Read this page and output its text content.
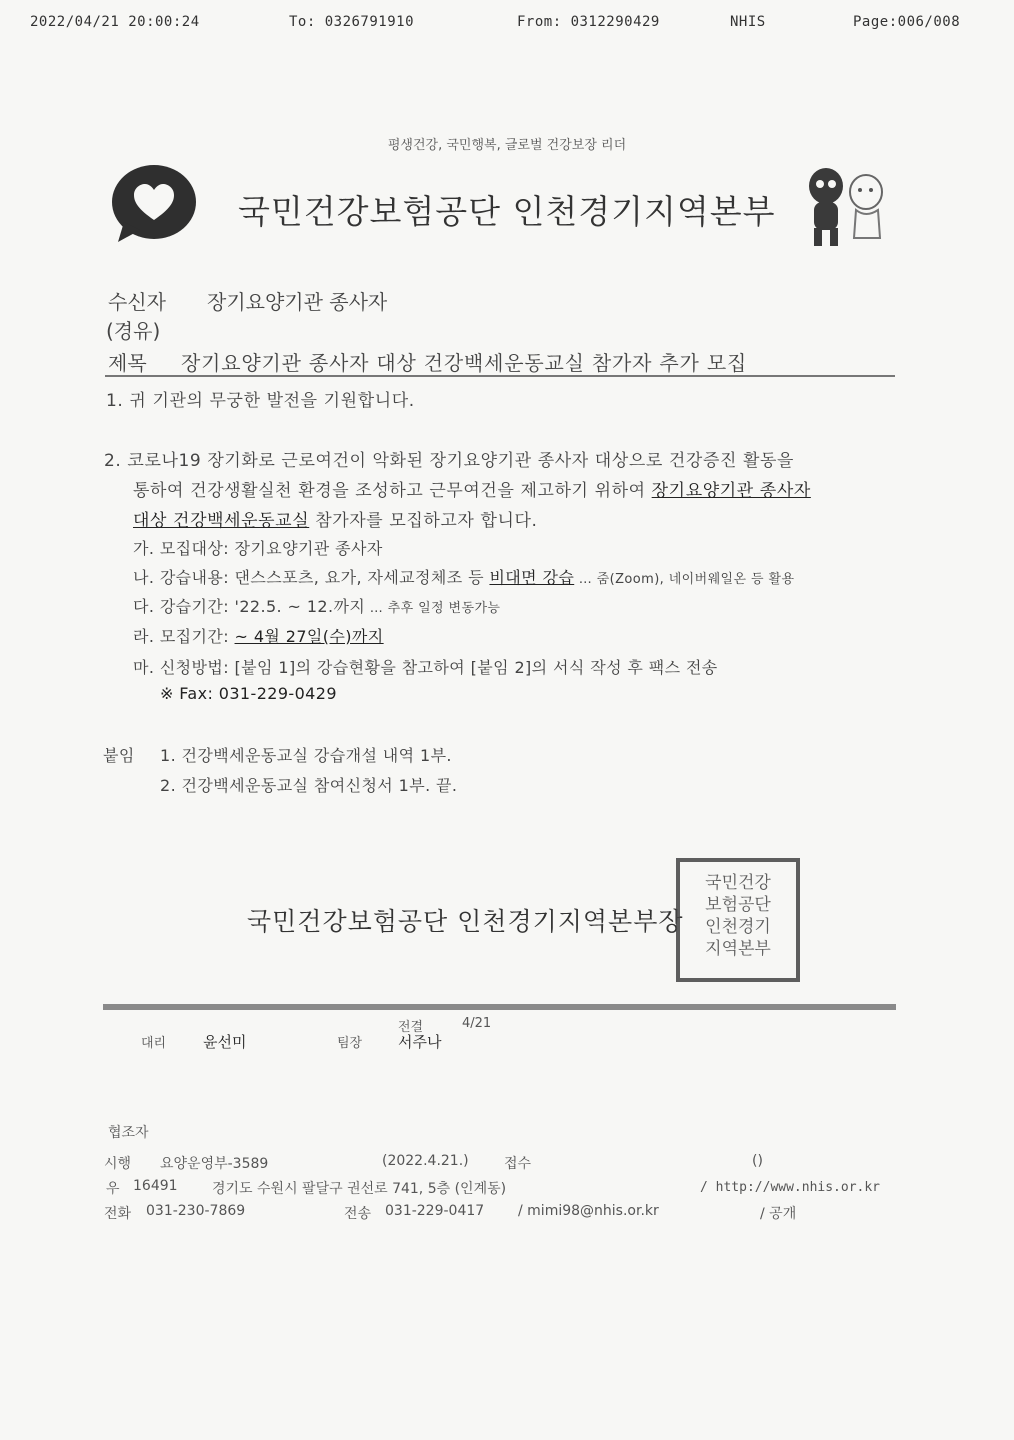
2022/04/21 20:00:24	To: 0326791910	From: 0312290429	NHIS	Page:006/008
평생건강, 국민행복, 글로벌 건강보장 리더
국민건강보험공단 인천경기지역본부
수신자 장기요양기관 종사자
(경유)
제목 장기요양기관 종사자 대상 건강백세운동교실 참가자 추가 모집
1. 귀 기관의 무궁한 발전을 기원합니다.
2. 코로나19 장기화로 근로여건이 악화된 장기요양기관 종사자 대상으로 건강증진 활동을
통하여 건강생활실천 환경을 조성하고 근무여건을 제고하기 위하여 장기요양기관 종사자
대상 건강백세운동교실 참가자를 모집하고자 합니다.
가. 모집대상: 장기요양기관 종사자
나. 강습내용: 댄스스포츠, 요가, 자세교정체조 등 비대면 강습 … 줌(Zoom), 네이버웨일온 등 활용
다. 강습기간: '22.5. ~ 12.까지 … 추후 일정 변동가능
라. 모집기간: ~ 4월 27일(수)까지
마. 신청방법: [붙임 1]의 강습현황을 참고하여 [붙임 2]의 서식 작성 후 팩스 전송
※ Fax: 031-229-0429
붙임 1. 건강백세운동교실 강습개설 내역 1부.
2. 건강백세운동교실 참여신청서 1부. 끝.
국민건강보험공단 인천경기지역본부장
국민건강
보험공단
인천경기
지역본부
전결	4/21
대리 윤선미	팀장 서주나
협조자
시행 요양운영부-3589	(2022.4.21.)	접수	()
우 16491 경기도 수원시 팔달구 권선로 741, 5층 (인계동)	/ http://www.nhis.or.kr
전화 031-230-7869	전송 031-229-0417 / mimi98@nhis.or.kr	/ 공개
